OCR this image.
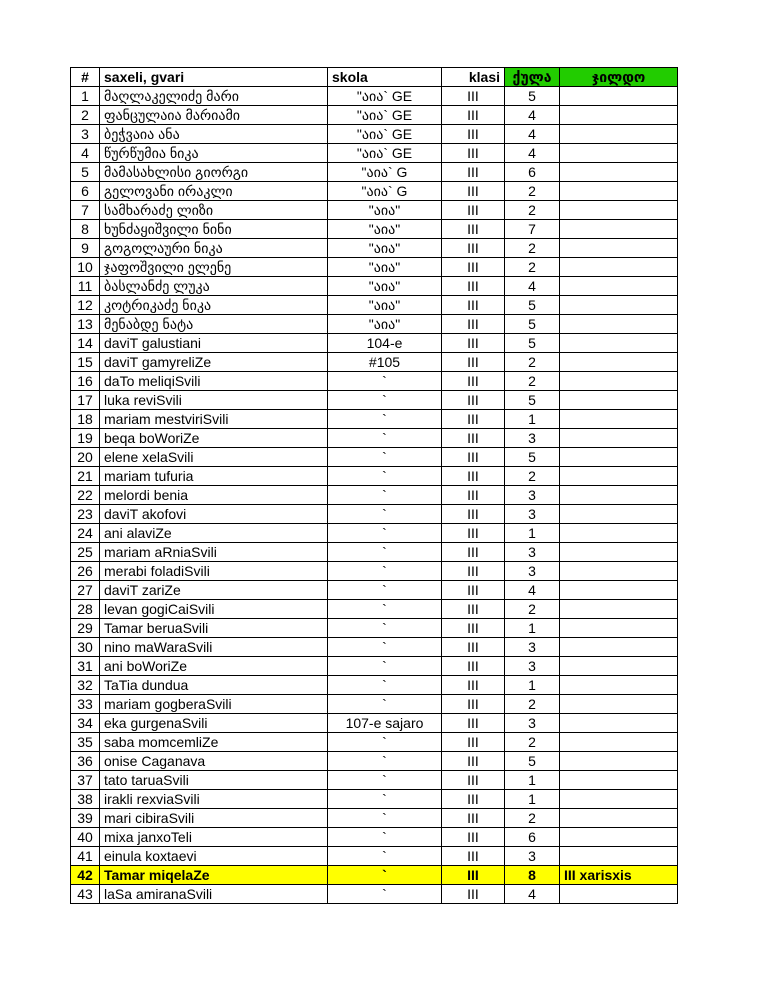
#	saxeli, gvari	skola	klasi	ქულა	ჯილდო
1	მაღლაკელიძე მარი	"აია` GE	III	5	
2	ფანცულაია მარიამი	"აია` GE	III	4	
3	ბეჭვაია ანა	"აია` GE	III	4	
4	წურწუმია ნიკა	"აია` GE	III	4	
5	მამასახლისი გიორგი	"აია` G	III	6	
6	გელოვანი ირაკლი	"აია` G	III	2	
7	სამხარაძე ლიზი	"აია"	III	2	
8	ხუნძაყიშვილი ნინი	"აია"	III	7	
9	გოგოლაური ნიკა	"აია"	III	2	
10	ჯაფოშვილი ელენე	"აია"	III	2	
11	ბასლანძე ლუკა	"აია"	III	4	
12	კოტრიკაძე ნიკა	"აია"	III	5	
13	მენაბდე ნატა	"აია"	III	5	
14	daviT galustiani	104-e	III	5	
15	daviT gamyreliZe	#105	III	2	
16	daTo meliqiSvili	`	III	2	
17	luka reviSvili	`	III	5	
18	mariam mestviriSvili	`	III	1	
19	beqa boWoriZe	`	III	3	
20	elene xelaSvili	`	III	5	
21	mariam tufuria	`	III	2	
22	melordi benia	`	III	3	
23	daviT akofovi	`	III	3	
24	ani alaviZe	`	III	1	
25	mariam aRniaSvili	`	III	3	
26	merabi foladiSvili	`	III	3	
27	daviT zariZe	`	III	4	
28	levan gogiCaiSvili	`	III	2	
29	Tamar beruaSvili	`	III	1	
30	nino maWaraSvili	`	III	3	
31	ani boWoriZe	`	III	3	
32	TaTia dundua	`	III	1	
33	mariam gogberaSvili	`	III	2	
34	eka gurgenaSvili	107-e sajaro	III	3	
35	saba momcemliZe	`	III	2	
36	onise Caganava	`	III	5	
37	tato taruaSvili	`	III	1	
38	irakli rexviaSvili	`	III	1	
39	mari cibiraSvili	`	III	2	
40	mixa janxoTeli	`	III	6	
41	einula koxtaevi	`	III	3	
42	Tamar miqelaZe	`	III	8	III xarisxis
43	laSa amiranaSvili	`	III	4	
